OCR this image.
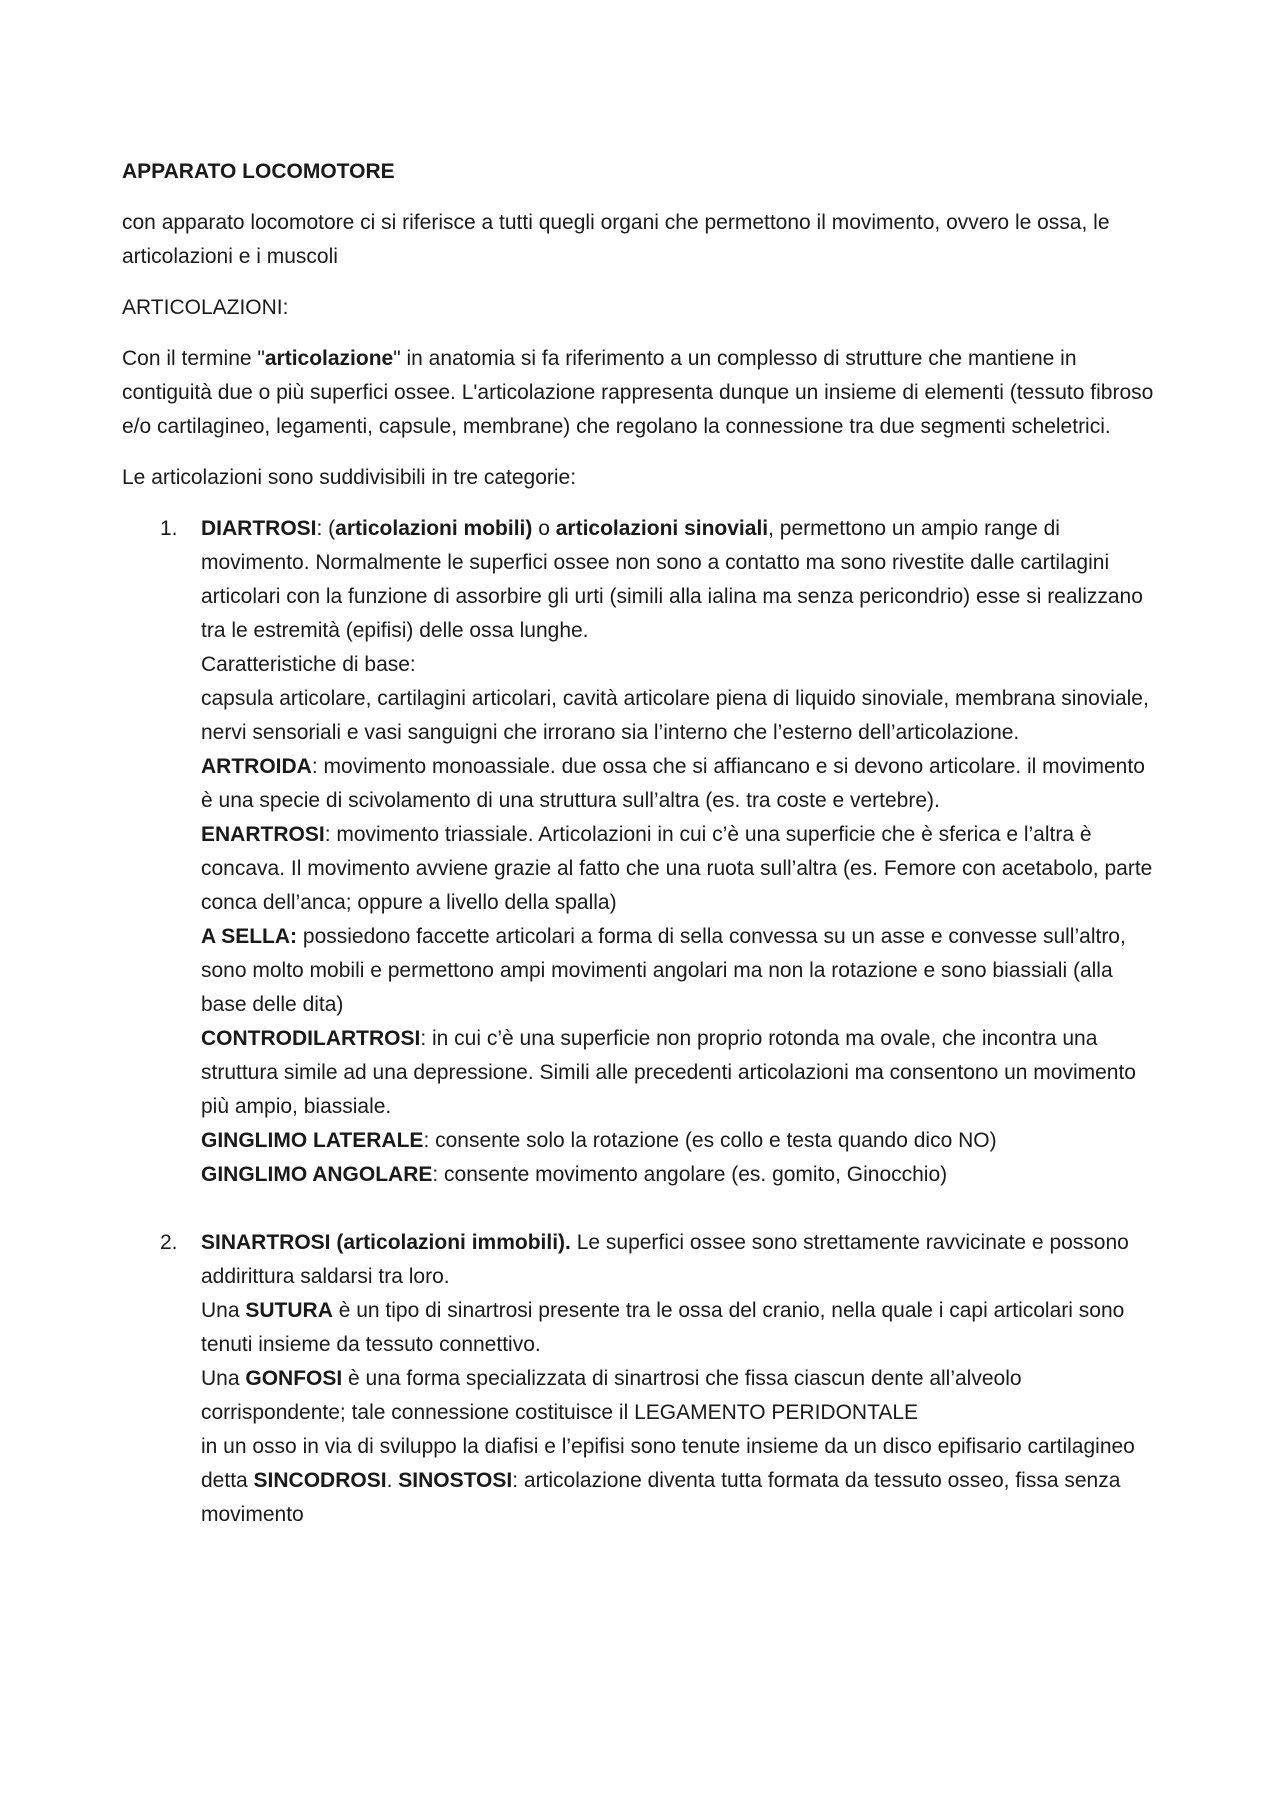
APPARATO LOCOMOTORE

con apparato locomotore ci si riferisce a tutti quegli organi che permettono il movimento, ovvero le ossa, le articolazioni e i muscoli

ARTICOLAZIONI:

Con il termine "articolazione" in anatomia si fa riferimento a un complesso di strutture che mantiene in contiguità due o più superfici ossee. L'articolazione rappresenta dunque un insieme di elementi (tessuto fibroso e/o cartilagineo, legamenti, capsule, membrane) che regolano la connessione tra due segmenti scheletrici.

Le articolazioni sono suddivisibili in tre categorie:

1. DIARTROSI: (articolazioni mobili) o articolazioni sinoviali, permettono un ampio range di movimento. Normalmente le superfici ossee non sono a contatto ma sono rivestite dalle cartilagini articolari con la funzione di assorbire gli urti (simili alla ialina ma senza pericondrio) esse si realizzano tra le estremità (epifisi) delle ossa lunghe.
Caratteristiche di base:
capsula articolare, cartilagini articolari, cavità articolare piena di liquido sinoviale, membrana sinoviale, nervi sensoriali e vasi sanguigni che irrorano sia l’interno che l’esterno dell’articolazione.
ARTROIDA: movimento monoassiale. due ossa che si affiancano e si devono articolare. il movimento è una specie di scivolamento di una struttura sull’altra (es. tra coste e vertebre).
ENARTROSI: movimento triassiale. Articolazioni in cui c’è una superficie che è sferica e l’altra è concava. Il movimento avviene grazie al fatto che una ruota sull’altra (es. Femore con acetabolo, parte conca dell’anca; oppure a livello della spalla)
A SELLA: possiedono faccette articolari a forma di sella convessa su un asse e convesse sull’altro, sono molto mobili e permettono ampi movimenti angolari ma non la rotazione e sono biassiali (alla base delle dita)
CONTRODILARTROSI: in cui c’è una superficie non proprio rotonda ma ovale, che incontra una struttura simile ad una depressione. Simili alle precedenti articolazioni ma consentono un movimento più ampio, biassiale.
GINGLIMO LATERALE: consente solo la rotazione (es collo e testa quando dico NO)
GINGLIMO ANGOLARE: consente movimento angolare (es. gomito, Ginocchio)
2. SINARTROSI (articolazioni immobili). Le superfici ossee sono strettamente ravvicinate e possono addirittura saldarsi tra loro.
Una SUTURA è un tipo di sinartrosi presente tra le ossa del cranio, nella quale i capi articolari sono tenuti insieme da tessuto connettivo.
Una GONFOSI è una forma specializzata di sinartrosi che fissa ciascun dente all’alveolo corrispondente; tale connessione costituisce il LEGAMENTO PERIDONTALE
in un osso in via di sviluppo la diafisi e l’epifisi sono tenute insieme da un disco epifisario cartilagineo detta SINCODROSI. SINOSTOSI: articolazione diventa tutta formata da tessuto osseo, fissa senza movimento
